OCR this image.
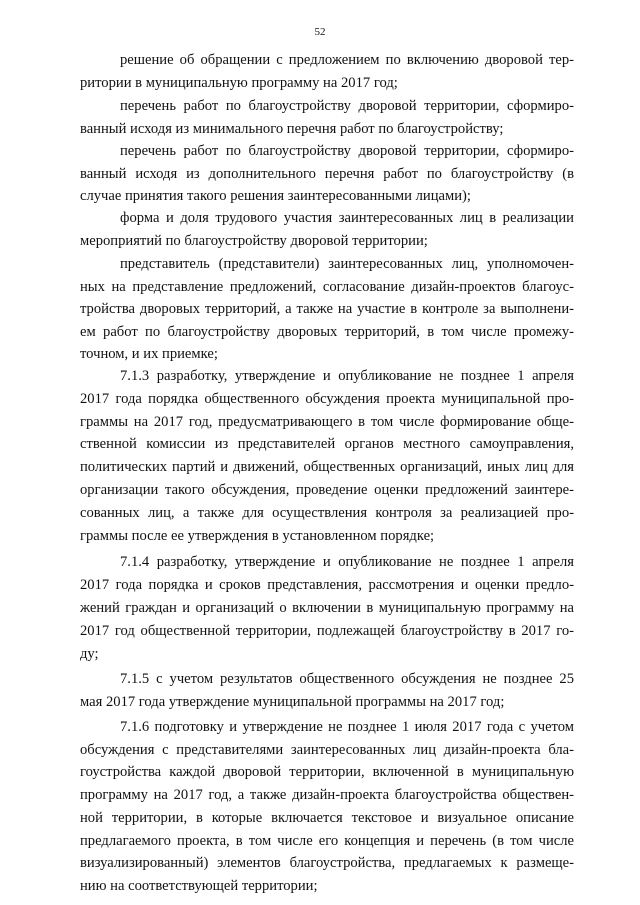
52
решение об обращении с предложением по включению дворовой тер-
ритории в муниципальную программу на 2017 год;
перечень работ по благоустройству дворовой территории, сформиро-
ванный исходя из минимального перечня работ по благоустройству;
перечень работ по благоустройству дворовой территории, сформиро-
ванный исходя из дополнительного перечня работ по благоустройству (в
случае принятия такого решения заинтересованными лицами);
форма и доля трудового участия заинтересованных лиц в реализации
мероприятий по благоустройству дворовой территории;
представитель (представители) заинтересованных лиц, уполномочен-
ных на представление предложений, согласование дизайн-проектов благоус-
тройства дворовых территорий, а также на участие в контроле за выполнени-
ем работ по благоустройству дворовых территорий, в том числе промежу-
точном, и их приемке;
7.1.3 разработку, утверждение и опубликование не позднее 1 апреля
2017 года порядка общественного обсуждения проекта муниципальной про-
граммы на 2017 год, предусматривающего в том числе формирование обще-
ственной комиссии из представителей органов местного самоуправления,
политических партий и движений, общественных организаций, иных лиц для
организации такого обсуждения, проведение оценки предложений заинтере-
сованных лиц, а также для осуществления контроля за реализацией про-
граммы после ее утверждения в установленном порядке;
7.1.4 разработку, утверждение и опубликование не позднее 1 апреля
2017 года порядка и сроков представления, рассмотрения и оценки предло-
жений граждан и организаций о включении в муниципальную программу на
2017 год общественной территории, подлежащей благоустройству в 2017 го-
ду;
7.1.5 с учетом результатов общественного обсуждения не позднее 25
мая 2017 года утверждение муниципальной программы на 2017 год;
7.1.6 подготовку и утверждение не позднее 1 июля 2017 года с учетом
обсуждения с представителями заинтересованных лиц дизайн-проекта бла-
гоустройства каждой дворовой территории, включенной в муниципальную
программу на 2017 год, а также дизайн-проекта благоустройства обществен-
ной территории, в которые включается текстовое и визуальное описание
предлагаемого проекта, в том числе его концепция и перечень (в том числе
визуализированный) элементов благоустройства, предлагаемых к размеще-
нию на соответствующей территории;
